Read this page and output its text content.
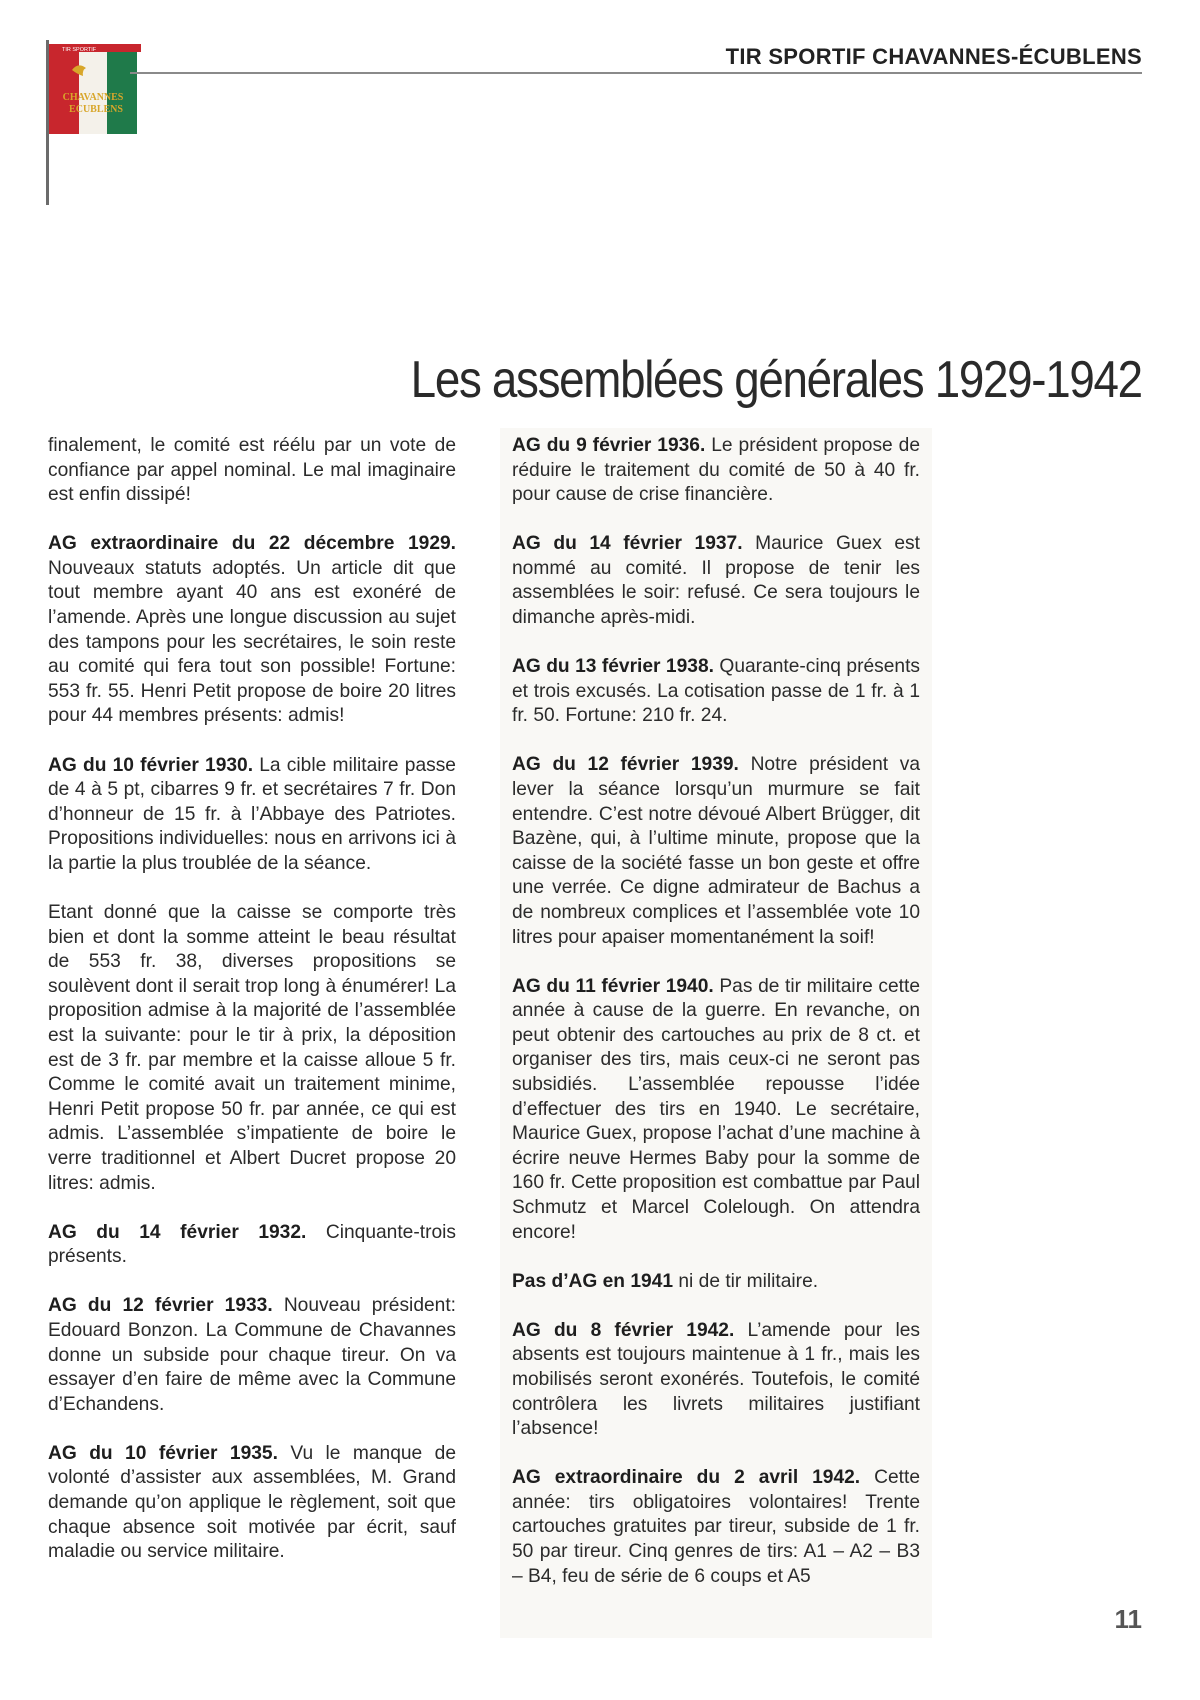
TIR SPORTIF
CHAVANNES
ECUBLENS
TIR SPORTIF CHAVANNES-ÉCUBLENS
Les assemblées générales 1929-1942

finalement, le comité est réélu par un vote de confiance par appel nominal. Le mal imaginaire est enfin dissipé!

AG extraordinaire du 22 décembre 1929. Nouveaux statuts adoptés. Un article dit que tout membre ayant 40 ans est exonéré de l’amende. Après une longue discussion au sujet des tampons pour les secrétaires, le soin reste au comité qui fera tout son possible! Fortune: 553 fr. 55. Henri Petit propose de boire 20 litres pour 44 membres présents: admis!

AG du 10 février 1930. La cible militaire passe de 4 à 5 pt, cibarres 9 fr. et secrétaires 7 fr. Don d’honneur de 15 fr. à l’Abbaye des Patriotes. Propositions individuelles: nous en arrivons ici à la partie la plus troublée de la séance.

Etant donné que la caisse se comporte très bien et dont la somme atteint le beau résultat de 553 fr. 38, diverses propositions se soulèvent dont il serait trop long à énumérer! La proposition admise à la majorité de l’assemblée est la suivante: pour le tir à prix, la déposition est de 3 fr. par membre et la caisse alloue 5 fr. Comme le comité avait un traitement minime, Henri Petit propose 50 fr. par année, ce qui est admis. L’assemblée s’impatiente de boire le verre traditionnel et Albert Ducret propose 20 litres: admis.

AG du 14 février 1932. Cinquante-trois présents.

AG du 12 février 1933. Nouveau président: Edouard Bonzon. La Commune de Chavannes donne un subside pour chaque tireur. On va essayer d’en faire de même avec la Commune d’Echandens.

AG du 10 février 1935. Vu le manque de volonté d’assister aux assemblées, M. Grand demande qu’on applique le règlement, soit que chaque absence soit motivée par écrit, sauf maladie ou service militaire.

AG du 9 février 1936. Le président propose de réduire le traitement du comité de 50 à 40 fr. pour cause de crise financière.

AG du 14 février 1937. Maurice Guex est nommé au comité. Il propose de tenir les assemblées le soir: refusé. Ce sera toujours le dimanche après-midi.

AG du 13 février 1938. Quarante-cinq présents et trois excusés. La cotisation passe de 1 fr. à 1 fr. 50. Fortune: 210 fr. 24.

AG du 12 février 1939. Notre président va lever la séance lorsqu’un murmure se fait entendre. C’est notre dévoué Albert Brügger, dit Bazène, qui, à l’ultime minute, propose que la caisse de la société fasse un bon geste et offre une verrée. Ce digne admirateur de Bachus a de nombreux complices et l’assemblée vote 10 litres pour apaiser momentanément la soif!

AG du 11 février 1940. Pas de tir militaire cette année à cause de la guerre. En revanche, on peut obtenir des cartouches au prix de 8 ct. et organiser des tirs, mais ceux-ci ne seront pas subsidiés. L’assemblée repousse l’idée d’effectuer des tirs en 1940. Le secrétaire, Maurice Guex, propose l’achat d’une machine à écrire neuve Hermes Baby pour la somme de 160 fr. Cette proposition est combattue par Paul Schmutz et Marcel Colelough. On attendra encore!

Pas d’AG en 1941 ni de tir militaire.

AG du 8 février 1942. L’amende pour les absents est toujours maintenue à 1 fr., mais les mobilisés seront exonérés. Toutefois, le comité contrôlera les livrets militaires justifiant l’absence!

AG extraordinaire du 2 avril 1942. Cette année: tirs obligatoires volontaires! Trente cartouches gratuites par tireur, subside de 1 fr. 50 par tireur. Cinq genres de tirs: A1 – A2 – B3 – B4, feu de série de 6 coups et A5

11
